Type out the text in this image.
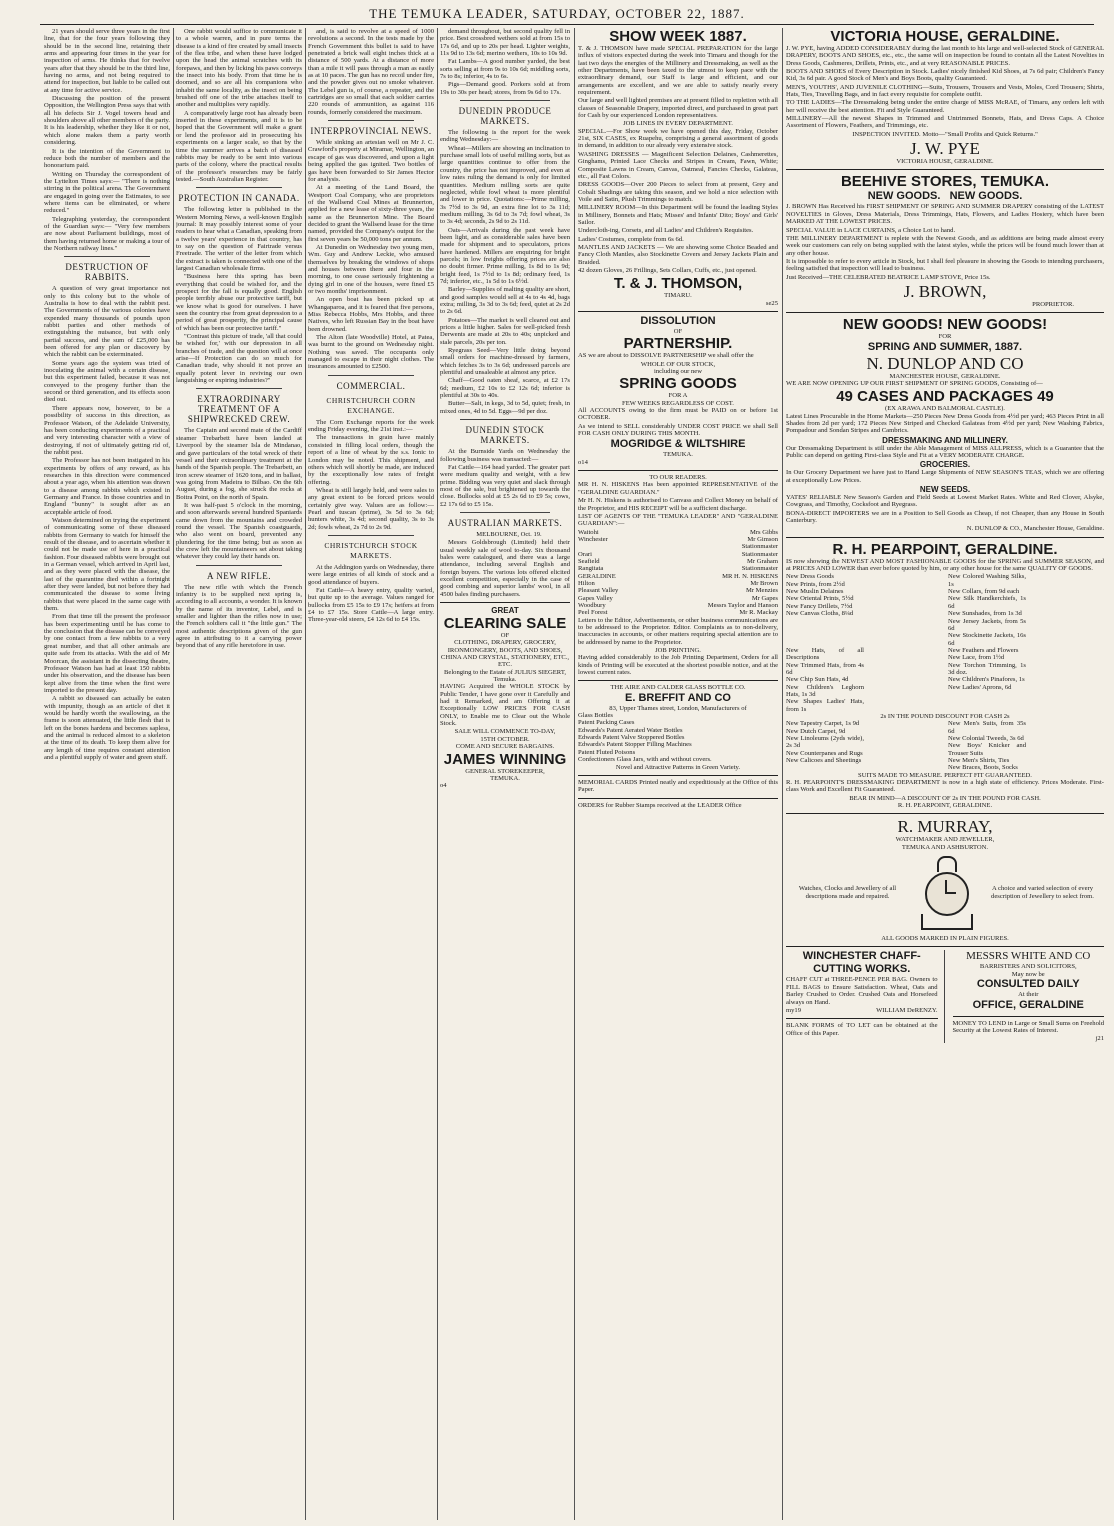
THE TEMUKA LEADER, SATURDAY, OCTOBER 22, 1887.

21 years should serve three years in the first line, that for the four years following they should be in the second line, retaining their arms and appearing four times in the year for inspection of arms. He thinks that for twelve years after that they should be in the third line, having no arms, and not being required to attend for inspection, but liable to be called out at any time for active service.

Discussing the position of the present Opposition, the Wellington Press says that with all his defects Sir J. Vogel towers head and shoulders above all other members of the party. It is his leadership, whether they like it or not, which alone makes them a party worth considering.

It is the intention of the Government to reduce both the number of members and the honorarium paid.

Writing on Thursday the correspondent of the Lyttelton Times says:— "There is nothing stirring in the political arena. The Government are engaged in going over the Estimates, to see where items can be eliminated, or where reduced."

Telegraphing yesterday, the correspondent of the Guardian says:— "Very few members are now about Parliament buildings, most of them having returned home or making a tour of the Northern railway lines."

DESTRUCTION OF RABBITS.

A question of very great importance not only to this colony but to the whole of Australia is how to deal with the rabbit pest. The Governments of the various colonies have expended many thousands of pounds upon rabbit parties and other methods of extinguishing the nuisance, but with only partial success, and the sum of £25,000 has been offered for any plan or discovery by which the rabbit can be exterminated.

Some years ago the system was tried of inoculating the animal with a certain disease, but this experiment failed, because it was not conveyed to the progeny further than the second or third generation, and its effects soon died out.

There appears now, however, to be a possibility of success in this direction, as Professor Watson, of the Adelaide University, has been conducting experiments of a practical and very interesting character with a view of destroying, if not of ultimately getting rid of, the rabbit pest.

The Professor has not been instigated in his experiments by offers of any reward, as his researches in this direction were commenced about a year ago, when his attention was drawn to a disease among rabbits which existed in Germany and France. In those countries and in England "bunny" is sought after as an acceptable article of food.

Watson determined on trying the experiment of communicating some of these diseased rabbits from Germany to watch for himself the result of the disease, and to ascertain whether it could not be made use of here in a practical fashion. Four diseased rabbits were brought out in a German vessel, which arrived in April last, and as they were placed with the disease, the last of the quarantine died within a fortnight after they were landed, but not before they had communicated the disease to some living rabbits that were placed in the same cage with them.

From that time till the present the professor has been experimenting until he has come to the conclusion that the disease can be conveyed by one contact from a few rabbits to a very great number, and that all other animals are quite safe from its attacks. With the aid of Mr Moorcan, the assistant in the dissecting theatre, Professor Watson has had at least 150 rabbits under his observation, and the disease has been kept alive from the time when the first were imported to the present day.

A rabbit so diseased can actually be eaten with impunity, though as an article of diet it would be hardly worth the swallowing, as the frame is soon attenuated, the little flesh that is left on the bones hardens and becomes sapless, and the animal is reduced almost to a skeleton at the time of its death. To keep them alive for any length of time requires constant attention and a plentiful supply of water and green stuff.

One rabbit would suffice to communicate it to a whole warren, and in pure terms the disease is a kind of fire created by small insects of the flea tribe, and when these have lodged upon the head the animal scratches with its forepaws, and then by licking his paws conveys the insect into his body. From that time he is doomed, and so are all his companions who inhabit the same locality, as the insect on being brushed off one of the tribe attaches itself to another and multiplies very rapidly.

A comparatively large root has already been inserted in these experiments, and it is to be hoped that the Government will make a grant or lend the professor aid in prosecuting his experiments on a larger scale, so that by the time the summer arrives a batch of diseased rabbits may be ready to be sent into various parts of the colony, where the practical results of the professor's researches may be fairly tested.—South Australian Register.

PROTECTION IN CANADA.

The following letter is published in the Western Morning News, a well-known English journal: It may possibly interest some of your readers to hear what a Canadian, speaking from a twelve years' experience in that country, has to say on the question of Fairtrade versus Freetrade. The writer of the letter from which the extract is taken is connected with one of the largest Canadian wholesale firms.

"Business here this spring has been everything that could be wished for, and the prospect for the fall is equally good. English people terribly abuse our protective tariff, but we know what is good for ourselves. I have seen the country rise from great depression to a period of great prosperity, the principal cause of which has been our protective tariff."

"Contrast this picture of trade, 'all that could be wished for,' with our depression in all branches of trade, and the question will at once arise—If Protection can do so much for Canadian trade, why should it not prove an equally potent lever in reviving our own languishing or expiring industries?"

EXTRAORDINARY TREATMENT OF A SHIPWRECKED CREW.

The Captain and second mate of the Cardiff steamer Trebarbett have been landed at Liverpool by the steamer Isla de Mindanao, and gave particulars of the total wreck of their vessel and their extraordinary treatment at the hands of the Spanish people. The Trebarbett, an iron screw steamer of 1620 tons, and in ballast, was going from Madeira to Bilbao. On the 6th August, during a fog, she struck the rocks at Boitra Point, on the north of Spain.

It was half-past 5 o'clock in the morning, and soon afterwards several hundred Spaniards came down from the mountains and crowded round the vessel. The Spanish coastguards, who also went on board, prevented any plundering for the time being; but as soon as the crew left the mountaineers set about taking whatever they could lay their hands on.

A NEW RIFLE.

The new rifle with which the French infantry is to be supplied next spring is, according to all accounts, a wonder. It is known by the name of its inventor, Lebel, and is smaller and lighter than the rifles now in use; the French soldiers call it "the little gun." The most authentic descriptions given of the gun agree in attributing to it a carrying power beyond that of any rifle heretofore in use.

and, is said to revolve at a speed of 1000 revolutions a second. In the tests made by the French Government this bullet is said to have penetrated a brick wall eight inches thick at a distance of 500 yards. At a distance of more than a mile it will pass through a man as easily as at 10 paces. The gun has no recoil under fire, and the powder gives out no smoke whatever. The Lebel gun is, of course, a repeater, and the cartridges are so small that each soldier carries 220 rounds of ammunition, as against 116 rounds, formerly considered the maximum.

INTERPROVINCIAL NEWS.

While sinking an artesian well on Mr J. C. Crawford's property at Miramar, Wellington, an escape of gas was discovered, and upon a light being applied the gas ignited. Two bottles of gas have been forwarded to Sir James Hector for analysis.

At a meeting of the Land Board, the Westport Coal Company, who are proprietors of the Wallsend Coal Mines at Brunnerton, applied for a new lease of sixty-three years, the same as the Brunnerton Mine. The Board decided to grant the Wallsend lease for the time named, provided the Company's output for the first seven years be 50,000 tons per annum.

At Dunedin on Wednesday two young men, Wm. Guy and Andrew Leckie, who amused themselves by breaking the windows of shops and houses between there and four in the morning, to one cease seriously frightening a dying girl in one of the houses, were fined £5 or two months' imprisonment.

An open boat has been picked up at Whangaparoa, and it is feared that five persons, Miss Rebecca Hobbs, Mrs Hobbs, and three Natives, who left Russian Bay in the boat have been drowned.

The Alton (late Woodville) Hotel, at Patea, was burnt to the ground on Wednesday night. Nothing was saved. The occupants only managed to escape in their night clothes. The insurances amounted to £2500.

COMMERCIAL.
CHRISTCHURCH CORN EXCHANGE.

The Corn Exchange reports for the week ending Friday evening, the 21st inst.:—

The transactions in grain have mainly consisted in filling local orders, though the report of a line of wheat by the s.s. Ionic to London may be noted. This shipment, and others which will shortly be made, are induced by the exceptionally low rates of freight offering.

Wheat is still largely held, and were sales to any great extent to be forced prices would certainly give way. Values are as follow:—Pearl and tuscan (prime), 3s 5d to 3s 6d; hunters white, 3s 4d; second quality, 3s to 3s 2d; fowls wheat, 2s 7d to 2s 9d.

CHRISTCHURCH STOCK MARKETS.

At the Addington yards on Wednesday, there were large entries of all kinds of stock and a good attendance of buyers.

Fat Cattle—A heavy entry, quality varied, but quite up to the average. Values ranged for bullocks from £5 15s to £9 17s; heifers at from £4 to £7 15s. Store Cattle—A large entry. Three-year-old steers, £4 12s 6d to £4 15s.

demand throughout, but second quality fell in price. Best crossbred wethers sold at from 15s to 17s 6d, and up to 20s per head. Lighter weights, 11s 9d to 13s 6d; merino wethers, 10s to 10s 9d.

Fat Lambs—A good number yarded, the best sorts selling at from 9s to 10s 6d; middling sorts, 7s to 8s; inferior, 4s to 6s.

Pigs—Demand good. Porkers sold at from 19s to 30s per head; stores, from 9s 6d to 17s.

DUNEDIN PRODUCE MARKETS.

The following is the report for the week ending Wednesday:—

Wheat—Millers are showing an inclination to purchase small lots of useful milling sorts, but as large quantities continue to offer from the country, the price has not improved, and even at low rates ruling the demand is only for limited quantities. Medium milling sorts are quite neglected, while fowl wheat is more plentiful and lower in price. Quotations:—Prime milling, 3s 7½d to 3s 9d, an extra fine lot to 3s 11d; medium milling, 3s 6d to 3s 7d; fowl wheat, 3s to 3s 4d; seconds, 2s 9d to 2s 11d.

Oats—Arrivals during the past week have been light, and as considerable sales have been made for shipment and to speculators, prices have hardened. Millers are enquiring for bright parcels; in low freights offering prices are also no doubt firmer. Prime milling, 1s 8d to 1s 9d; bright feed, 1s 7½d to 1s 8d; ordinary feed, 1s 7d; inferior, etc., 1s 5d to 1s 6½d.

Barley—Supplies of malting quality are short, and good samples would sell at 4s to 4s 4d, bags extra; milling, 3s 3d to 3s 6d; feed, quiet at 2s 2d to 2s 6d.

Potatoes—The market is well cleared out and prices a little higher. Sales for well-picked fresh Derwents are made at 20s to 40s; unpicked and stale parcels, 20s per ton.

Ryegrass Seed—Very little doing beyond small orders for machine-dressed by farmers, which fetches 3s to 3s 6d; undressed parcels are plentiful and unsaleable at almost any price.

Chaff—Good oaten sheaf, scarce, at £2 17s 6d; medium, £2 10s to £2 12s 6d; inferior is plentiful at 30s to 40s.

Butter—Salt, in kegs, 3d to 5d, quiet; fresh, in mixed ones, 4d to 5d. Eggs—9d per doz.

DUNEDIN STOCK MARKETS.

At the Burnside Yards on Wednesday the following business was transacted:—

Fat Cattle—164 head yarded. The greater part were medium quality and weight, with a few prime. Bidding was very quiet and slack through most of the sale, but brightened up towards the close. Bullocks sold at £5 2s 6d to £9 5s; cows, £2 17s 6d to £5 15s.

AUSTRALIAN MARKETS.

MELBOURNE, Oct. 19.

Messrs Goldsbrough (Limited) held their usual weekly sale of wool to-day. Six thousand bales were catalogued, and there was a large attendance, including several English and foreign buyers. The various lots offered elicited excellent competition, especially in the case of good combing and superior lambs' wool, in all 4500 bales finding purchasers.

GREAT
CLEARING SALE
OF
CLOTHING, DRAPERY, GROCERY, IRONMONGERY, BOOTS, AND SHOES, CHINA AND CRYSTAL, STATIONERY, ETC., ETC.
Belonging to the Estate of JULIUS SIEGERT, Temuka.

HAVING Acquired the WHOLE STOCK by Public Tender, I have gone over it Carefully and had it Remarked, and am Offering it at Exceptionally LOW PRICES FOR CASH ONLY, to Enable me to Clear out the Whole Stock.

SALE WILL COMMENCE TO-DAY,
15TH OCTOBER.
COME AND SECURE BARGAINS.
JAMES WINNING
GENERAL STOREKEEPER,
TEMUKA.
o4
SHOW WEEK 1887.

T. & J. THOMSON have made SPECIAL PREPARATION for the large influx of visitors expected during the week into Timaru and though for the last two days the energies of the Millinery and Dressmaking, as well as the other Departments, have been taxed to the utmost to keep pace with the extraordinary demand, our Staff is large and efficient, and our arrangements are excellent, and we are able to satisfy nearly every requirement.

Our large and well lighted premises are at present filled to repletion with all classes of Seasonable Drapery, imported direct, and purchased in great part for Cash by our experienced London representatives.

JOB LINES IN EVERY DEPARTMENT.

SPECIAL.—For Show week we have opened this day, Friday, October 21st, SIX CASES, ex Ruapehu, comprising a general assortment of goods in demand, in addition to our already very extensive stock.

WASHING DRESSES — Magnificent Selection Delaines, Cashmerettes, Ginghams, Printed Lace Checks and Stripes in Cream, Fawn, White; Composite Lawns in Cream, Canvas, Oatmeal, Fancies Checks, Galateas, etc., all Fast Colors.

DRESS GOODS—Over 200 Pieces to select from at present, Grey and Cobalt Shadings are taking this season, and we hold a nice selection with Voile and Satin, Plush Trimmings to match.

MILLINERY ROOM—In this Department will be found the leading Styles in Millinery, Bonnets and Hats; Misses' and Infants' Dito; Boys' and Girls' Sailor.

Undercloth-ing, Corsets, and all Ladies' and Children's Requisites.

Ladies' Costumes, complete from 6s 6d.

MANTLES AND JACKETS — We are showing some Choice Beaded and Fancy Cloth Mantles, also Stockinette Covers and Jersey Jackets Plain and Braided.

42 dozen Gloves, 26 Frillings, Sets Collars, Cuffs, etc., just opened.

T. & J. THOMSON,
TIMARU.
se25
DISSOLUTION
OF
PARTNERSHIP.

AS we are about to DISSOLVE PARTNERSHIP we shall offer the

WHOLE OF OUR STOCK,
including our new
SPRING GOODS
FOR A
FEW WEEKS REGARDLESS OF COST.

All ACCOUNTS owing to the firm must be PAID on or before 1st OCTOBER.

As we intend to SELL considerably UNDER COST PRICE we shall Sell FOR CASH ONLY DURING THIS MONTH.

MOGRIDGE & WILTSHIRE
TEMUKA.
o14
TO OUR READERS.

MR H. N. HISKENS Has been appointed REPRESENTATIVE of the "GERALDINE GUARDIAN."

Mr H. N. Hiskens is authorised to Canvass and Collect Money on behalf of the Proprietor, and HIS RECEIPT will be a sufficient discharge.

LIST OF AGENTS OF THE "TEMUKA LEADER" AND "GERALDINE GUARDIAN":—

Waitohi	Mrs Gibbs
Winchester	Mr Gimson
Stationmaster
Orari	Stationmaster
Seafield	Mr Graham
Rangitata	Stationmaster
GERALDINE	MR H. N. HISKENS
Hilton	Mr Brown
Pleasant Valley	Mr Menzies
Gapes Valley	Mr Gapes
Woodbury	Messrs Taylor and Hanson
Peel Forest	Mr R. Mackay

Letters to the Editor, Advertisements, or other business communications are to be addressed to the Proprietor. Editor. Complaints as to non-delivery, inaccuracies in accounts, or other matters requiring special attention are to be addressed by name to the Proprietor.

JOB PRINTING.

Having added considerably to the Job Printing Department, Orders for all kinds of Printing will be executed at the shortest possible notice, and at the lowest current rates.

THE AIRE AND CALDER GLASS BOTTLE CO.
E. BREFFIT AND CO
83, Upper Thames street, London, Manufacturers of
Glass Bottles
Patent Packing Cases
Edwards's Patent Aerated Water Bottles
Edwards Patent Valve Stoppered Bottles
Edwards's Patent Stopper Filling Machines
Patent Fluted Poisons
Confectioners Glass Jars, with and without covers.
Novel and Attractive Patterns in Green Variety.

MEMORIAL CARDS Printed neatly and expeditiously at the Office of this Paper.

ORDERS for Rubber Stamps received at the LEADER Office

VICTORIA HOUSE, GERALDINE.

J. W. PYE, having ADDED CONSIDERABLY during the last month to his large and well-selected Stock of GENERAL DRAPERY, BOOTS AND SHOES, etc., etc., the same will on inspection be found to contain all the Latest Novelties in Dress Goods, Cashmeres, Drillets, Prints, etc., and at very REASONABLE PRICES.

BOOTS AND SHOES of Every Description in Stock. Ladies' nicely finished Kid Shoes, at 7s 6d pair; Children's Fancy Kid, 3s 6d pair. A good Stock of Men's and Boys Boots, quality Guaranteed.

MEN'S, YOUTHS', AND JUVENILE CLOTHING—Suits, Trousers, Trousers and Vests, Moles, Cord Trousers; Shirts, Hats, Ties, Travelling Bags, and in fact every requisite for complete outfit.

TO THE LADIES—The Dressmaking being under the entire charge of MISS McRAE, of Timaru, any orders left with her will receive the best attention. Fit and Style Guaranteed.

MILLINERY—All the newest Shapes in Trimmed and Untrimmed Bonnets, Hats, and Dress Caps. A Choice Assortment of Flowers, Feathers, and Trimmings, etc.

INSPECTION INVITED. Motto—"Small Profits and Quick Returns."

J. W. PYE
VICTORIA HOUSE, GERALDINE.
BEEHIVE STORES, TEMUKA.
NEW GOODS.   NEW GOODS.

J. BROWN Has Received his FIRST SHIPMENT OF SPRING AND SUMMER DRAPERY consisting of the LATEST NOVELTIES in Gloves, Dress Materials, Dress Trimmings, Hats, Flowers, and Ladies Hosiery, which have been MARKED AT THE LOWEST PRICES.

SPECIAL VALUE in LACE CURTAINS, a Choice Lot to hand.

THE MILLINERY DEPARTMENT is replete with the Newest Goods, and as additions are being made almost every week our customers can rely on being supplied with the latest styles, while the prices will be found much lower than at any other house.

It is impossible to refer to every article in Stock, but I shall feel pleasure in showing the Goods to intending purchasers, feeling satisfied that inspection will lead to business.

Just Received—THE CELEBRATED BEATRICE LAMP STOVE, Price 15s.

J. BROWN,
PROPRIETOR.
NEW GOODS! NEW GOODS!
FOR
SPRING AND SUMMER, 1887.
N. DUNLOP AND CO
MANCHESTER HOUSE, GERALDINE.

WE ARE NOW OPENING UP OUR FIRST SHIPMENT OF SPRING GOODS, Consisting of—

49 CASES AND PACKAGES 49
(EX ARAWA AND BALMORAL CASTLE).

Latest Lines Procurable in the Home Markets—250 Pieces New Dress Goods from 4½d per yard; 463 Pieces Print in all Shades from 2d per yard; 172 Pieces New Striped and Checked Galateas from 4½d per yard; New Washing Fabrics, Pompadour and Sondan Stripes and Cambrics.

DRESSMAKING AND MILLINERY.

Our Dressmaking Department is still under the Able Management of MISS ALLPRESS, which is a Guarantee that the Public can depend on getting First-class Style and Fit at a VERY MODERATE CHARGE.

GROCERIES.

In Our Grocery Department we have just to Hand Large Shipments of NEW SEASON'S TEAS, which we are offering at exceptionally Low Prices.

NEW SEEDS.

YATES' RELIABLE New Season's Garden and Field Seeds at Lowest Market Rates. White and Red Clover, Alsyke, Cowgrass, and Timothy, Cocksfoot and Ryegrass.

BONA-DIRECT IMPORTERS we are in a Position to Sell Goods as Cheap, if not Cheaper, than any House in South Canterbury.

N. DUNLOP & CO., Manchester House, Geraldine.
R. H. PEARPOINT, GERALDINE.

IS now showing the NEWEST AND MOST FASHIONABLE GOODS for the SPRING and SUMMER SEASON, and at PRICES AND LOWER than ever before quoted by him, or any other house for the same QUALITY OF GOODS.

New Dress Goods
New Prints, from 2½d
New Muslin Delaines
New Oriental Prints, 5½d
New Fancy Drillets, 7½d
New Canvas Cloths, 8¼d
New Colored Washing Silks, 1s
New Collars, from 9d each
New Silk Handkerchiefs, 1s 6d
New Sunshades, from 1s 3d
New Jersey Jackets, from 5s 6d
New Stockinette Jackets, 16s 6d
New Hats, of all Descriptions
New Trimmed Hats, from 4s 6d
New Chip Sun Hats, 4d
New Children's Leghorn Hats, 1s 3d
New Shapes Ladies' Hats, from 1s
New Feathers and Flowers
New Lace, from 1½d
New Torchon Trimming, 1s 3d doz.
New Children's Pinafores, 1s
New Ladies' Aprons, 6d
2s IN THE POUND DISCOUNT FOR CASH 2s
New Tapestry Carpet, 1s 9d
New Dutch Carpet, 9d
New Linoleums (2yds wide), 2s 3d
New Counterpanes and Rugs
New Calicoes and Sheetings
New Men's Suits, from 35s 6d
New Colonial Tweeds, 3s 6d
New Boys' Knicker and Trouser Suits
New Men's Shirts, Ties
New Braces, Boots, Socks
SUITS MADE TO MEASURE. PERFECT FIT GUARANTEED.

R. H. PEARPOINT'S DRESSMAKING DEPARTMENT is now in a high state of efficiency. Prices Moderate. First-class Work and Excellent Fit Guaranteed.

BEAR IN MIND—A DISCOUNT OF 2s IN THE POUND FOR CASH.
R. H. PEARPOINT, GERALDINE.
R. MURRAY,
WATCHMAKER AND JEWELLER,
TEMUKA AND ASHBURTON.

Watches, Clocks and Jewellery of all descriptions made and repaired.

A choice and varied selection of every description of Jewellery to select from.

ALL GOODS MARKED IN PLAIN FIGURES.
WINCHESTER CHAFF-CUTTING WORKS.

CHAFF CUT at THREE-PENCE PER BAG. Owners to FILL BAGS to Ensure Satisfaction. Wheat, Oats and Barley Crushed to Order. Crushed Oats and Horsefeed always on Hand.

my19	WILLIAM DeRENZY.

BLANK FORMS of TO LET can be obtained at the Office of this Paper.

MESSRS WHITE AND CO
BARRISTERS AND SOLICITORS,
May now be
CONSULTED DAILY
At their
OFFICE, GERALDINE

MONEY TO LEND in Large or Small Sums on Freehold Security at the Lowest Rates of Interest.

j21
